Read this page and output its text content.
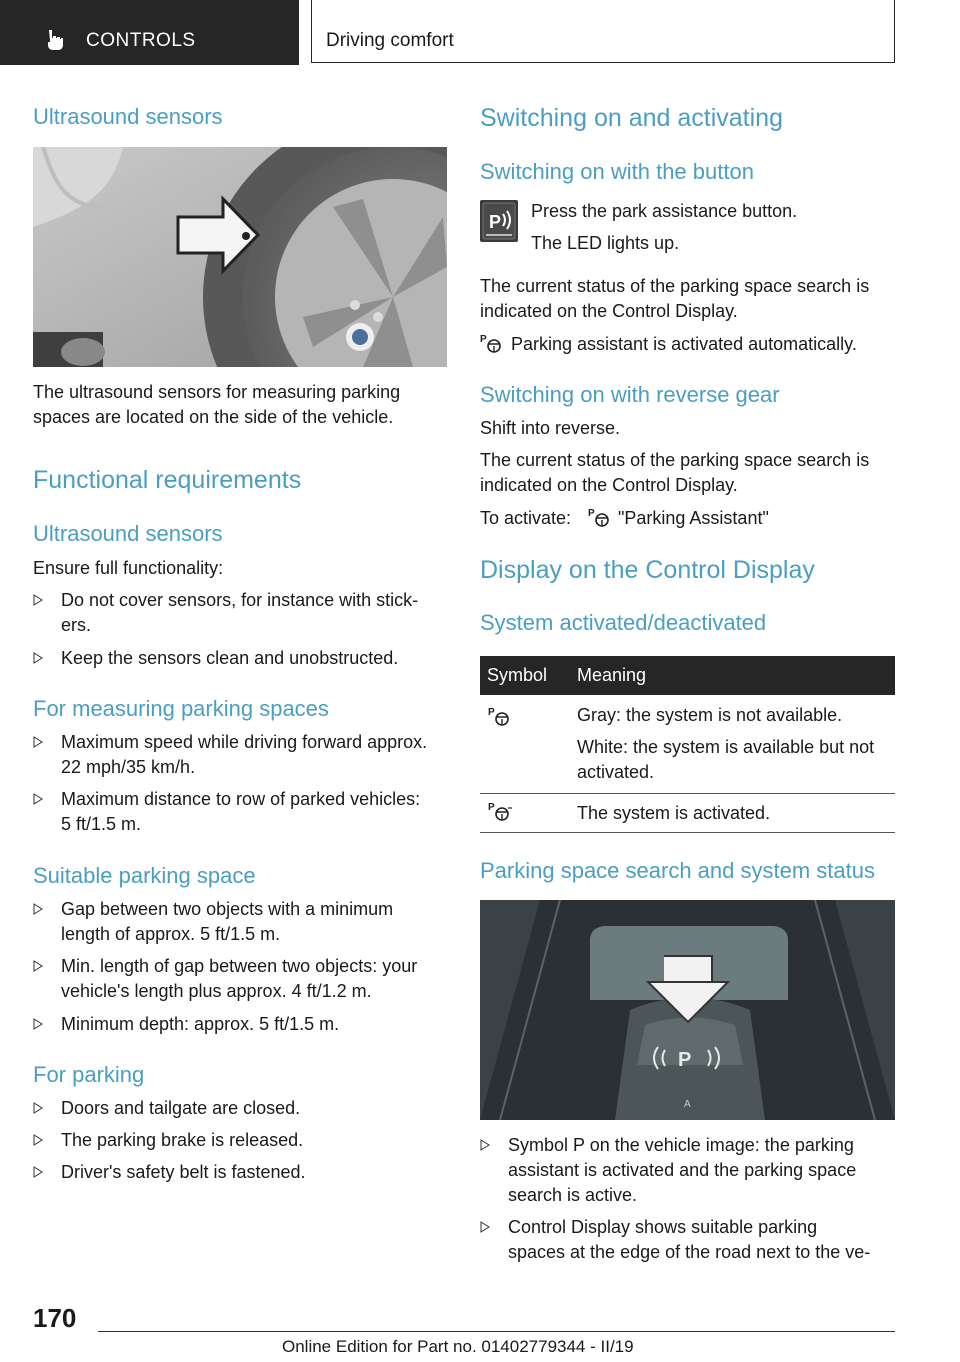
CONTROLS	Driving comfort
Ultrasound sensors

The ultrasound sensors for measuring parking
spaces are located on the side of the vehicle.

Functional requirements
Ultrasound sensors

Ensure full functionality:

Do not cover sensors, for instance with stick‐
ers.
Keep the sensors clean and unobstructed.
For measuring parking spaces
Maximum speed while driving forward approx.
22 mph/35 km/h.
Maximum distance to row of parked vehicles:
5 ft/1.5 m.
Suitable parking space
Gap between two objects with a minimum
length of approx. 5 ft/1.5 m.
Min. length of gap between two objects: your
vehicle's length plus approx. 4 ft/1.2 m.
Minimum depth: approx. 5 ft/1.5 m.
For parking
Doors and tailgate are closed.
The parking brake is released.
Driver's safety belt is fastened.
Switching on and activating
Switching on with the button
P

Press the park assistance button.

The LED lights up.

The current status of the parking space search is
indicated on the Control Display.

P Parking assistant is activated automatically.

Switching on with reverse gear

Shift into reverse.

The current status of the parking space search is
indicated on the Control Display.

To activate: P "Parking Assistant"

Display on the Control Display
System activated/deactivated
Symbol	Meaning

P	Gray: the system is not available.
White: the system is available but not
activated.

P	The system is activated.
Parking space search and system status
P
A
Symbol P on the vehicle image: the parking
assistant is activated and the parking space
search is active.
Control Display shows suitable parking
spaces at the edge of the road next to the ve‐
170
Online Edition for Part no. 01402779344 - II/19
